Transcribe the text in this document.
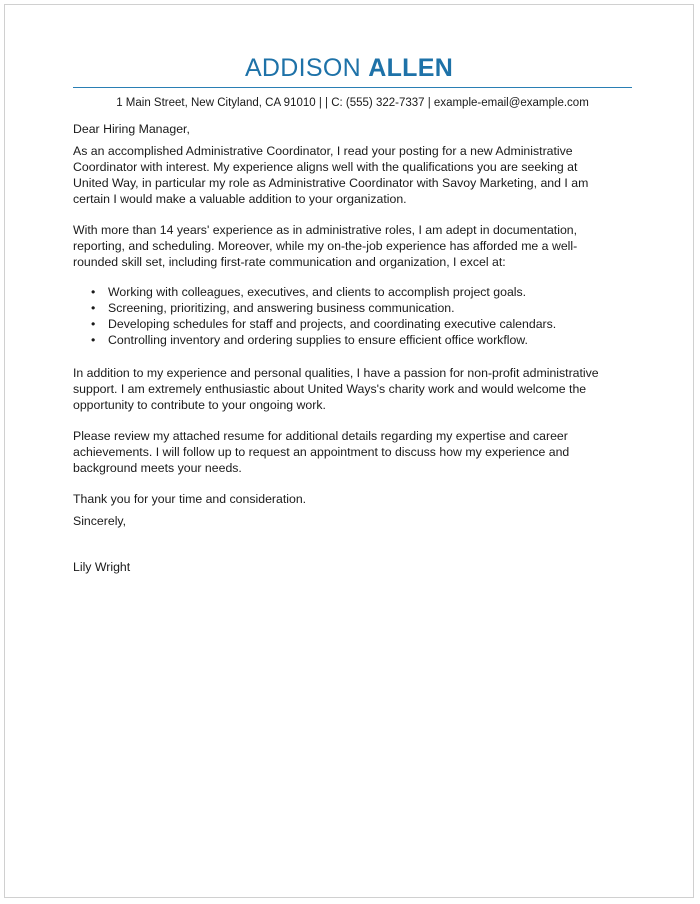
ADDISON ALLEN
1 Main Street, New Cityland, CA 91010 | | C: (555) 322-7337 | example-email@example.com

Dear Hiring Manager,

As an accomplished Administrative Coordinator, I read your posting for a new Administrative Coordinator with interest. My experience aligns well with the qualifications you are seeking at United Way, in particular my role as Administrative Coordinator with Savoy Marketing, and I am certain I would make a valuable addition to your organization.

With more than 14 years' experience as in administrative roles, I am adept in documentation, reporting, and scheduling. Moreover, while my on-the-job experience has afforded me a well-rounded skill set, including first-rate communication and organization, I excel at:

• Working with colleagues, executives, and clients to accomplish project goals.
• Screening, prioritizing, and answering business communication.
• Developing schedules for staff and projects, and coordinating executive calendars.
• Controlling inventory and ordering supplies to ensure efficient office workflow.

In addition to my experience and personal qualities, I have a passion for non-profit administrative support. I am extremely enthusiastic about United Ways's charity work and would welcome the opportunity to contribute to your ongoing work.

Please review my attached resume for additional details regarding my expertise and career achievements. I will follow up to request an appointment to discuss how my experience and background meets your needs.

Thank you for your time and consideration.

Sincerely,

Lily Wright
